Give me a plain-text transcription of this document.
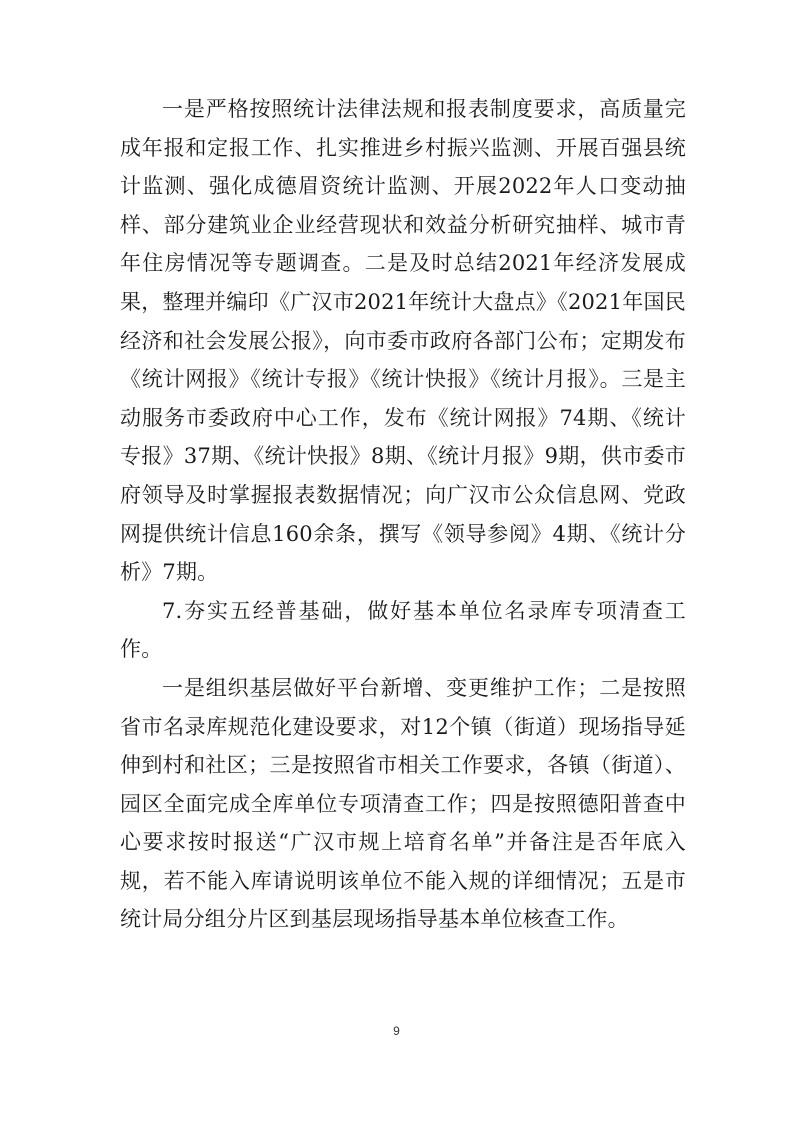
一是严格按照统计法律法规和报表制度要求，高质量完成年报和定报工作、扎实推进乡村振兴监测、开展百强县统计监测、强化成德眉资统计监测、开展2022年人口变动抽样、部分建筑业企业经营现状和效益分析研究抽样、城市青年住房情况等专题调查。二是及时总结2021年经济发展成果，整理并编印《广汉市2021年统计大盘点》《2021年国民经济和社会发展公报》，向市委市政府各部门公布；定期发布《统计网报》《统计专报》《统计快报》《统计月报》。三是主动服务市委政府中心工作，发布《统计网报》74期、《统计专报》37期、《统计快报》8期、《统计月报》9期，供市委市府领导及时掌握报表数据情况；向广汉市公众信息网、党政网提供统计信息160余条，撰写《领导参阅》4期、《统计分析》7期。

7.夯实五经普基础，做好基本单位名录库专项清查工作。

一是组织基层做好平台新增、变更维护工作；二是按照省市名录库规范化建设要求，对12个镇（街道）现场指导延伸到村和社区；三是按照省市相关工作要求，各镇（街道）、园区全面完成全库单位专项清查工作；四是按照德阳普查中心要求按时报送“广汉市规上培育名单”并备注是否年底入规，若不能入库请说明该单位不能入规的详细情况；五是市统计局分组分片区到基层现场指导基本单位核查工作。

9
